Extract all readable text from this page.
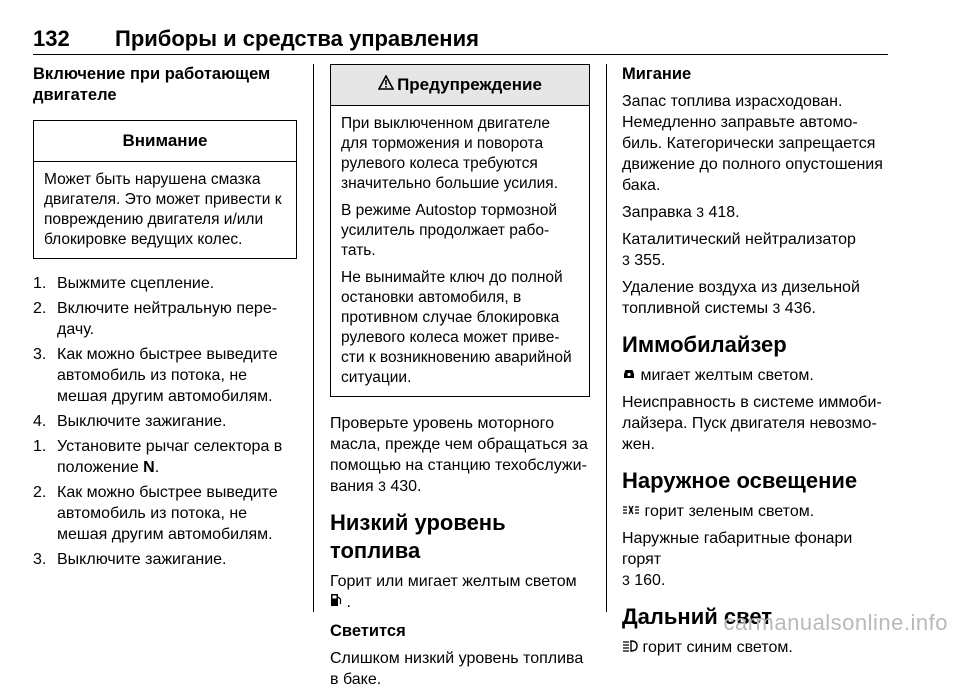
132 Приборы и средства управления
Включение при работающем двигателе
Внимание

Может быть нарушена смазка двигателя. Это может привести к повреждению двигателя и/или блокировке ведущих колес.

1. Выжмите сцепление.
2. Включите нейтральную пере- дачу.
3. Как можно быстрее выведите автомобиль из потока, не мешая другим автомобилям.
4. Выключите зажигание.
1. Установите рычаг селектора в положение N.
2. Как можно быстрее выведите автомобиль из потока, не мешая другим автомобилям.
3. Выключите зажигание.
Предупреждение

При выключенном двигателе для торможения и поворота рулевого колеса требуются значительно большие усилия.

В режиме Autostop тормозной усилитель продолжает рабо- тать.

Не вынимайте ключ до полной остановки автомобиля, в противном случае блокировка рулевого колеса может приве- сти к возникновению аварийной ситуации.

Проверьте уровень моторного масла, прежде чем обращаться за помощью на станцию техобслужи- вания 3 430.

Низкий уровень топлива

Горит или мигает желтым светом  .

Светится

Слишком низкий уровень топлива в баке.

Мигание

Запас топлива израсходован. Немедленно заправьте автомо- биль. Категорически запрещается движение до полного опустошения бака.

Заправка 3 418.

Каталитический нейтрализатор
3 355.

Удаление воздуха из дизельной топливной системы 3 436.

Иммобилайзер

мигает желтым светом.

Неисправность в системе иммоби- лайзера. Пуск двигателя невозмо- жен.

Наружное освещение

горит зеленым светом.

Наружные габаритные фонари горят
3 160.

Дальний свет

горит синим светом.

carmanualsonline.info
